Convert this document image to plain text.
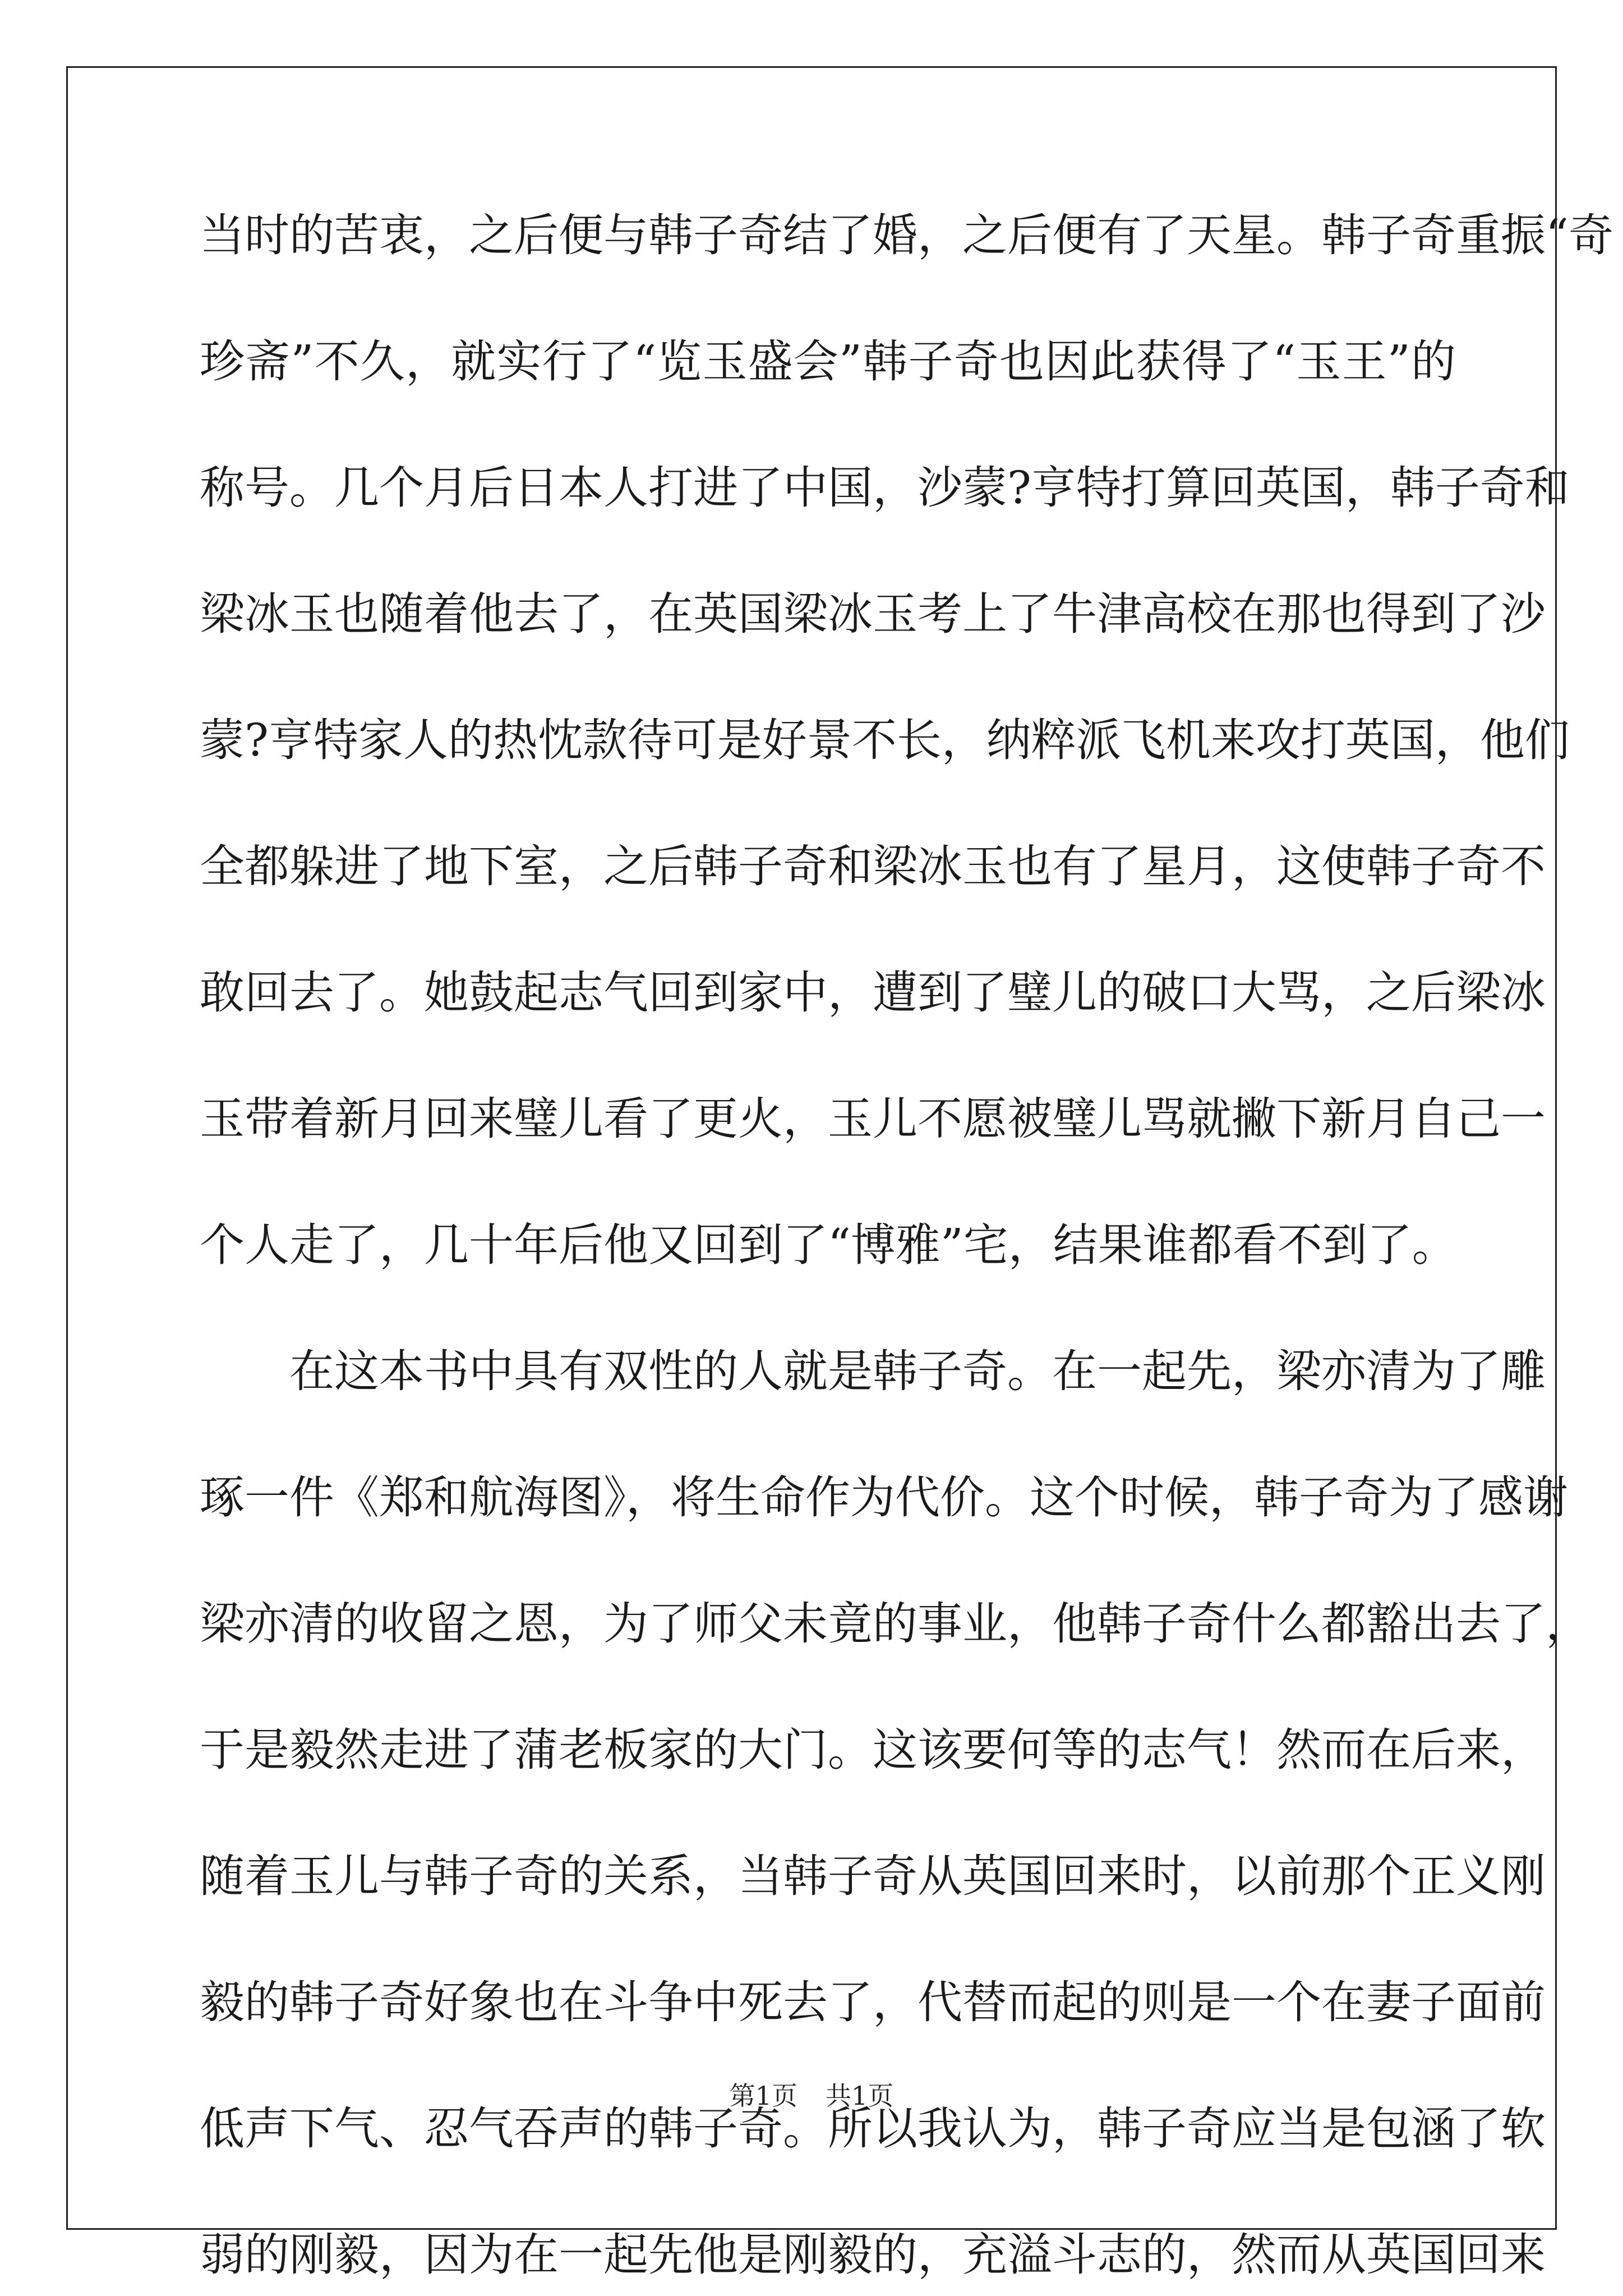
当时的苦衷，之后便与韩子奇结了婚，之后便有了天星。韩子奇重振“奇
珍斋”不久，就实行了“览玉盛会”韩子奇也因此获得了“玉王”的
称号。几个月后日本人打进了中国，沙蒙?亨特打算回英国，韩子奇和
梁冰玉也随着他去了，在英国梁冰玉考上了牛津高校在那也得到了沙
蒙?亨特家人的热忱款待可是好景不长，纳粹派飞机来攻打英国，他们
全都躲进了地下室，之后韩子奇和梁冰玉也有了星月，这使韩子奇不
敢回去了。她鼓起志气回到家中，遭到了璧儿的破口大骂，之后梁冰
玉带着新月回来璧儿看了更火，玉儿不愿被璧儿骂就撇下新月自己一
个人走了，几十年后他又回到了“博雅”宅，结果谁都看不到了。
在这本书中具有双性的人就是韩子奇。在一起先，梁亦清为了雕
琢一件《郑和航海图》，将生命作为代价。这个时候，韩子奇为了感谢
梁亦清的收留之恩，为了师父未竟的事业，他韩子奇什么都豁出去了，
于是毅然走进了蒲老板家的大门。这该要何等的志气！然而在后来，
随着玉儿与韩子奇的关系，当韩子奇从英国回来时，以前那个正义刚
毅的韩子奇好象也在斗争中死去了，代替而起的则是一个在妻子面前
低声下气、忍气吞声的韩子奇。所以我认为，韩子奇应当是包涵了软
弱的刚毅，因为在一起先他是刚毅的，充溢斗志的，然而从英国回来
第1页 共1页
